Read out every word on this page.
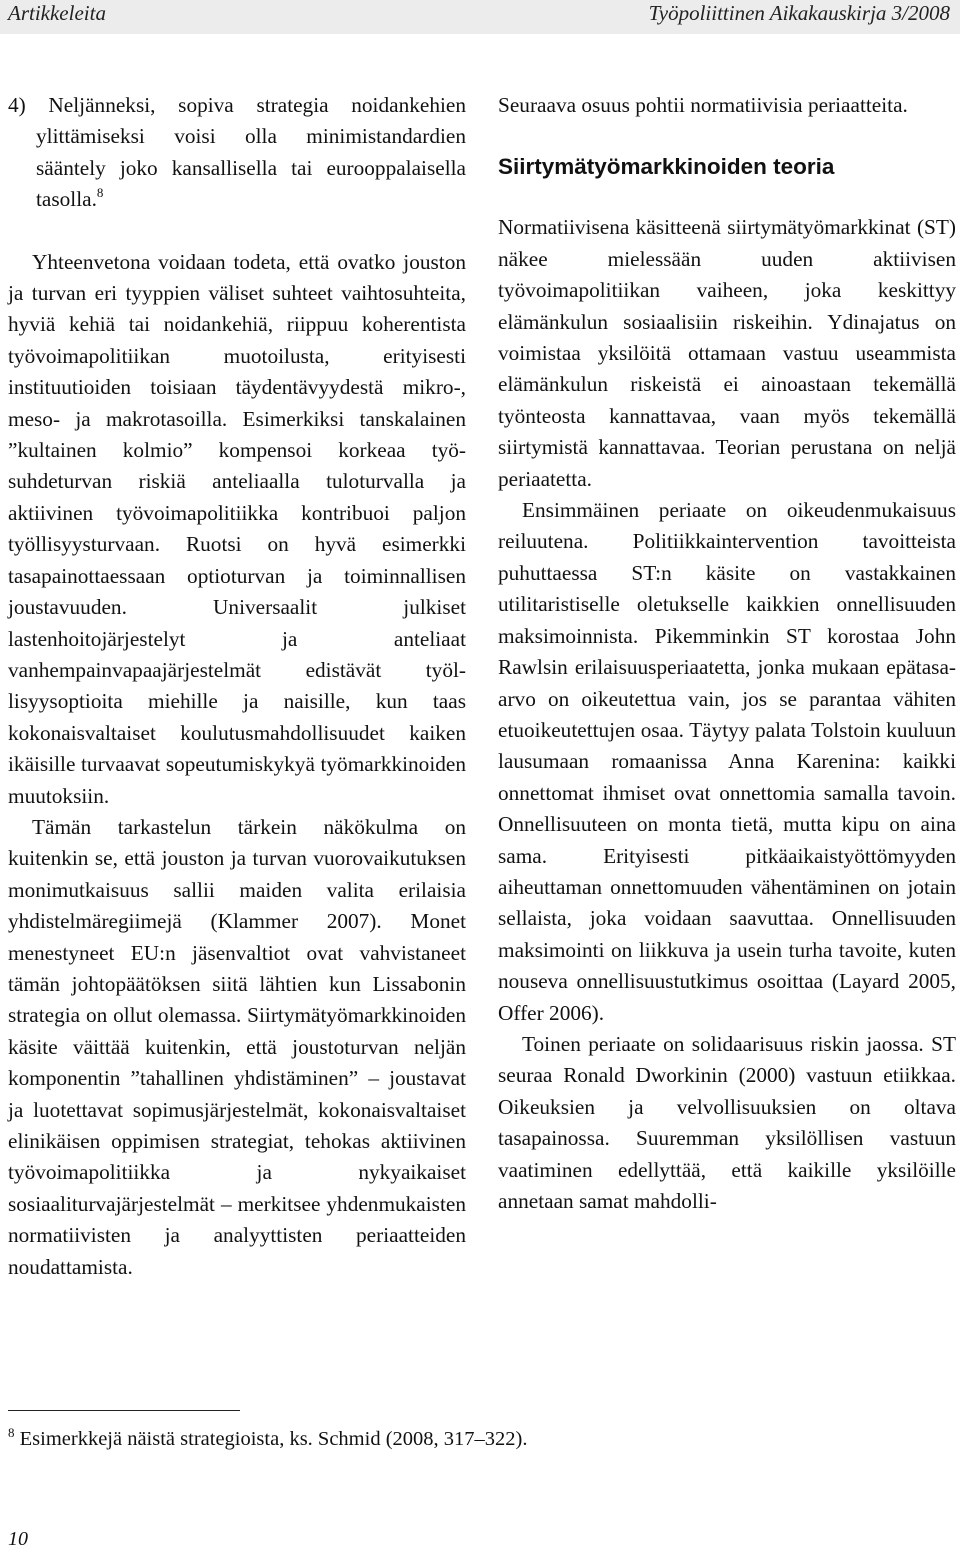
Artikkeleita	Työpoliittinen Aikakauskirja 3/2008

4) Neljänneksi, sopiva strategia noidankehien ylittämiseksi voisi olla minimistandardien sääntely joko kansallisella tai eurooppalaisella tasolla.$^8$

Yhteenvetona voidaan todeta, että ovatko jouston ja turvan eri tyyppien väliset suhteet vaihtosuhteita, hyviä kehiä tai noidankehiä, riippuu koherentista työvoimapolitiikan muotoilusta, erityisesti instituutioiden toisiaan täydentävyydestä mikro-, meso- ja makrotasoilla. Esimerkiksi tanskalainen ”kultainen kolmio” kompensoi korkeaa työsuhdeturvan riskiä anteliaalla tuloturvalla ja aktiivinen työvoimapolitiikka kontribuoi paljon työllisyysturvaan. Ruotsi on hyvä esimerkki tasapainottaessaan optioturvan ja toiminnallisen joustavuuden. Universaalit julkiset lastenhoitojärjestelyt ja anteliaat vanhempainvapaajärjestelmät edistävät työllisyysoptioita miehille ja naisille, kun taas kokonaisvaltaiset koulutusmahdollisuudet kaiken ikäisille turvaavat sopeutumiskykyä työmarkkinoiden muutoksiin.

Tämän tarkastelun tärkein näkökulma on kuitenkin se, että jouston ja turvan vuorovaikutuksen monimutkaisuus sallii maiden valita erilaisia yhdistelmäregiimejä (Klammer 2007). Monet menestyneet EU:n jäsenvaltiot ovat vahvistaneet tämän johtopäätöksen siitä lähtien kun Lissabonin strategia on ollut olemassa. Siirtymätyömarkkinoiden käsite väittää kuitenkin, että joustoturvan neljän komponentin ”tahallinen yhdistäminen” – joustavat ja luotettavat sopimusjärjestelmät, kokonaisvaltaiset elinikäisen oppimisen strategiat, tehokas aktiivinen työvoimapolitiikka ja nykyaikaiset sosiaaliturvajärjestelmät – merkitsee yhdenmukaisten normatiivisten ja analyyttisten periaatteiden noudattamista.

Seuraava osuus pohtii normatiivisia periaatteita.

Siirtymätyömarkkinoiden teoria

Normatiivisena käsitteenä siirtymätyömarkkinat (ST) näkee mielessään uuden aktiivisen työvoimapolitiikan vaiheen, joka keskittyy elämänkulun sosiaalisiin riskeihin. Ydinajatus on voimistaa yksilöitä ottamaan vastuu useammista elämänkulun riskeistä ei ainoastaan tekemällä työnteosta kannattavaa, vaan myös tekemällä siirtymistä kannattavaa. Teorian perustana on neljä periaatetta.

Ensimmäinen periaate on oikeudenmukaisuus reiluutena. Politiikkaintervention tavoitteista puhuttaessa ST:n käsite on vastakkainen utilitaristiselle oletukselle kaikkien onnellisuuden maksimoinnista. Pikemminkin ST korostaa John Rawlsin erilaisuusperiaatetta, jonka mukaan epätasa-arvo on oikeutettua vain, jos se parantaa vähiten etuoikeutettujen osaa. Täytyy palata Tolstoin kuuluun lausumaan romaanissa Anna Karenina: kaikki onnettomat ihmiset ovat onnettomia samalla tavoin. Onnellisuuteen on monta tietä, mutta kipu on aina sama. Erityisesti pitkäaikaistyöttömyyden aiheuttaman onnettomuuden vähentäminen on jotain sellaista, joka voidaan saavuttaa. Onnellisuuden maksimointi on liikkuva ja usein turha tavoite, kuten nouseva onnellisuustutkimus osoittaa (Layard 2005, Offer 2006).

Toinen periaate on solidaarisuus riskin jaossa. ST seuraa Ronald Dworkinin (2000) vastuun etiikkaa. Oikeuksien ja velvollisuuksien on oltava tasapainossa. Suuremman yksilöllisen vastuun vaatiminen edellyttää, että kaikille yksilöille annetaan samat mahdolli-

$^8$ Esimerkkejä näistä strategioista, ks. Schmid (2008, 317–322).
10
